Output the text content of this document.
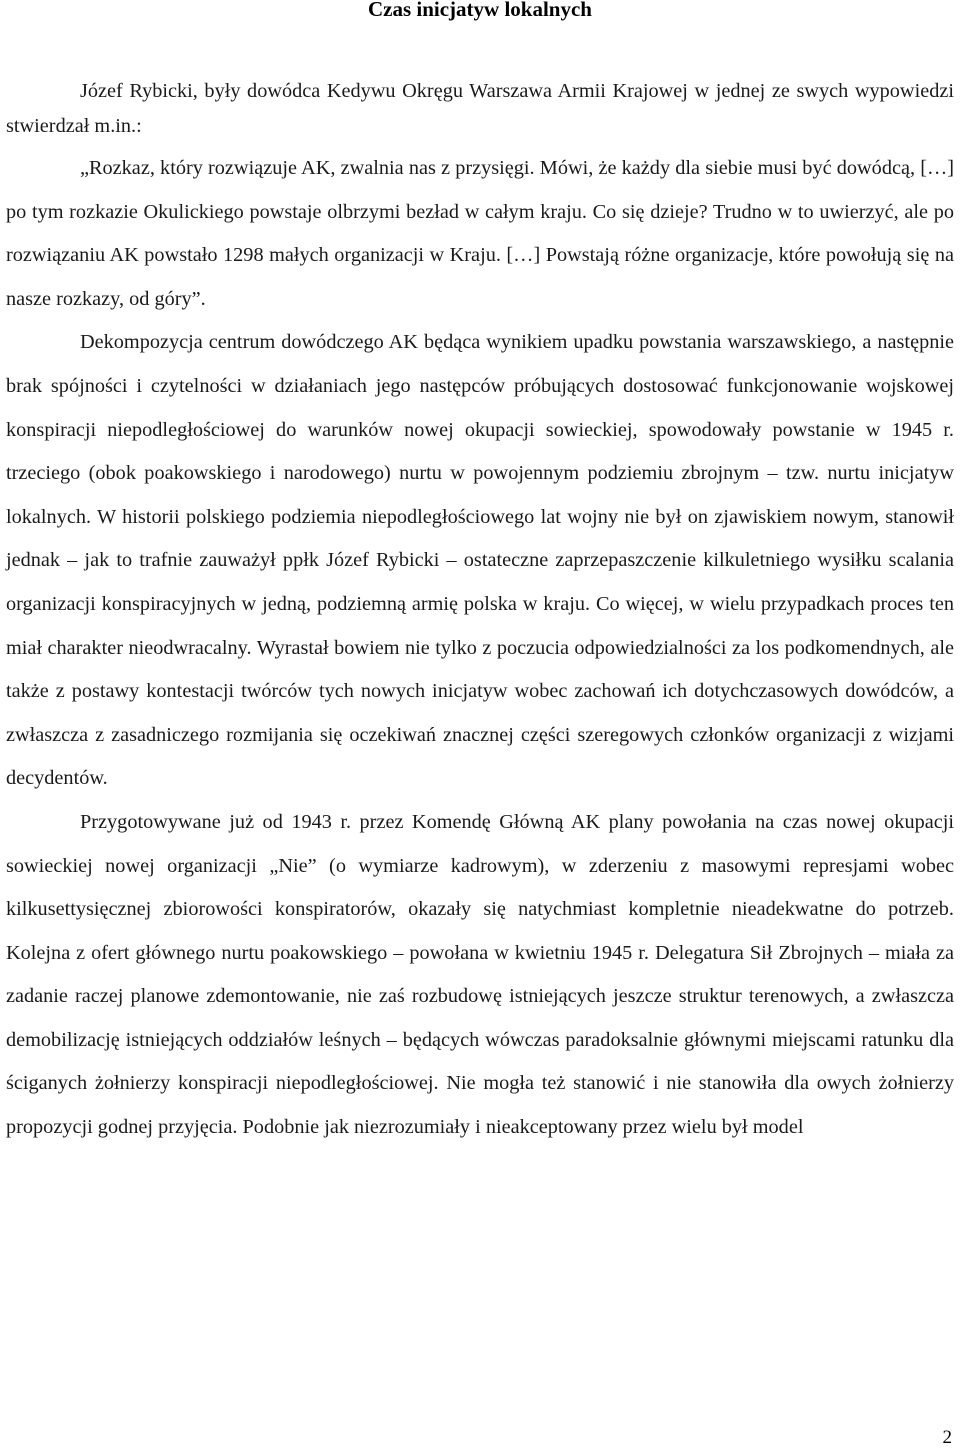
Czas inicjatyw lokalnych

Józef Rybicki, były dowódca Kedywu Okręgu Warszawa Armii Krajowej w jednej ze swych wypowiedzi stwierdzał m.in.:

„Rozkaz, który rozwiązuje AK, zwalnia nas z przysięgi. Mówi, że każdy dla siebie musi być dowódcą, […] po tym rozkazie Okulickiego powstaje olbrzymi bezład w całym kraju. Co się dzieje? Trudno w to uwierzyć, ale po rozwiązaniu AK powstało 1298 małych organizacji w Kraju. […] Powstają różne organizacje, które powołują się na nasze rozkazy, od góry”.

Dekompozycja centrum dowódczego AK będąca wynikiem upadku powstania warszawskiego, a następnie brak spójności i czytelności w działaniach jego następców próbujących dostosować funkcjonowanie wojskowej konspiracji niepodległościowej do warunków nowej okupacji sowieckiej, spowodowały powstanie w 1945 r. trzeciego (obok poakowskiego i narodowego) nurtu w powojennym podziemiu zbrojnym – tzw. nurtu inicjatyw lokalnych. W historii polskiego podziemia niepodległościowego lat wojny nie był on zjawiskiem nowym, stanowił jednak – jak to trafnie zauważył ppłk Józef Rybicki – ostateczne zaprzepaszczenie kilkuletniego wysiłku scalania organizacji konspiracyjnych w jedną, podziemną armię polska w kraju. Co więcej, w wielu przypadkach proces ten miał charakter nieodwracalny. Wyrastał bowiem nie tylko z poczucia odpowiedzialności za los podkomendnych, ale także z postawy kontestacji twórców tych nowych inicjatyw wobec zachowań ich dotychczasowych dowódców, a zwłaszcza z zasadniczego rozmijania się oczekiwań znacznej części szeregowych członków organizacji z wizjami decydentów.

Przygotowywane już od 1943 r. przez Komendę Główną AK plany powołania na czas nowej okupacji sowieckiej nowej organizacji „Nie” (o wymiarze kadrowym), w zderzeniu z masowymi represjami wobec kilkusettysięcznej zbiorowości konspiratorów, okazały się natychmiast kompletnie nieadekwatne do potrzeb. Kolejna z ofert głównego nurtu poakowskiego – powołana w kwietniu 1945 r. Delegatura Sił Zbrojnych – miała za zadanie raczej planowe zdemontowanie, nie zaś rozbudowę istniejących jeszcze struktur terenowych, a zwłaszcza demobilizację istniejących oddziałów leśnych – będących wówczas paradoksalnie głównymi miejscami ratunku dla ściganych żołnierzy konspiracji niepodległościowej. Nie mogła też stanowić i nie stanowiła dla owych żołnierzy propozycji godnej przyjęcia. Podobnie jak niezrozumiały i nieakceptowany przez wielu był model

2
